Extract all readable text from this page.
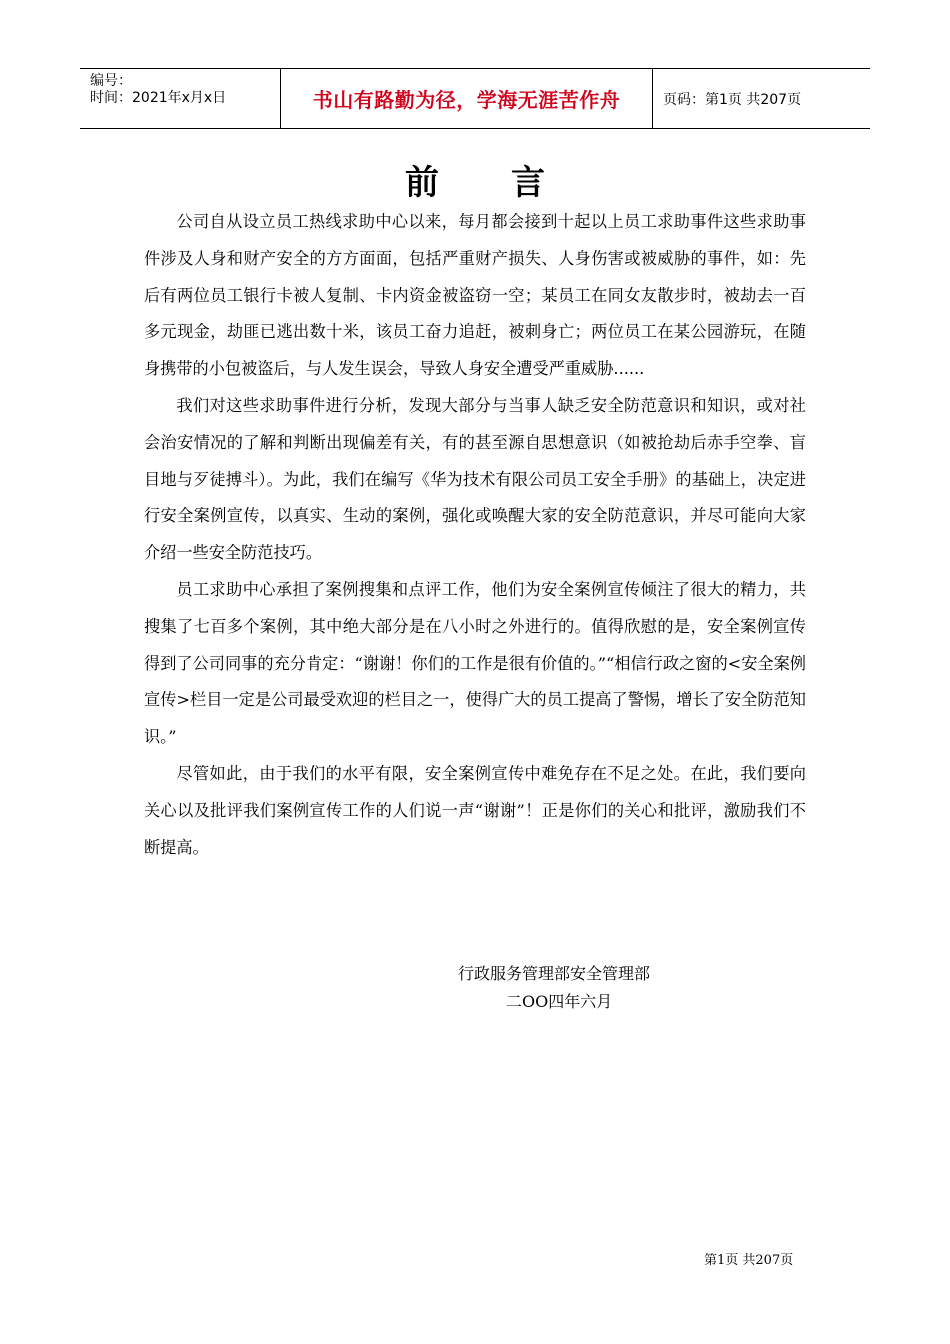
编号：
时间：2021年x月x日	书山有路勤为径，学海无涯苦作舟	页码：第1页 共207页
前言

公司自从设立员工热线求助中心以来，每月都会接到十起以上员工求助事件这些求助事件涉及人身和财产安全的方方面面，包括严重财产损失、人身伤害或被威胁的事件，如：先后有两位员工银行卡被人复制、卡内资金被盗窃一空；某员工在同女友散步时，被劫去一百多元现金，劫匪已逃出数十米，该员工奋力追赶，被刺身亡；两位员工在某公园游玩，在随身携带的小包被盗后，与人发生误会，导致人身安全遭受严重威胁......

我们对这些求助事件进行分析，发现大部分与当事人缺乏安全防范意识和知识，或对社会治安情况的了解和判断出现偏差有关，有的甚至源自思想意识（如被抢劫后赤手空拳、盲目地与歹徒搏斗）。为此，我们在编写《华为技术有限公司员工安全手册》的基础上，决定进行安全案例宣传，以真实、生动的案例，强化或唤醒大家的安全防范意识，并尽可能向大家介绍一些安全防范技巧。

员工求助中心承担了案例搜集和点评工作，他们为安全案例宣传倾注了很大的精力，共搜集了七百多个案例，其中绝大部分是在八小时之外进行的。值得欣慰的是，安全案例宣传得到了公司同事的充分肯定：“谢谢！你们的工作是很有价值的。”“相信行政之窗的<安全案例宣传>栏目一定是公司最受欢迎的栏目之一，使得广大的员工提高了警惕，增长了安全防范知识。”

尽管如此，由于我们的水平有限，安全案例宣传中难免存在不足之处。在此，我们要向关心以及批评我们案例宣传工作的人们说一声“谢谢”！正是你们的关心和批评，激励我们不断提高。

行政服务管理部安全管理部
二OO四年六月
第1页 共207页
